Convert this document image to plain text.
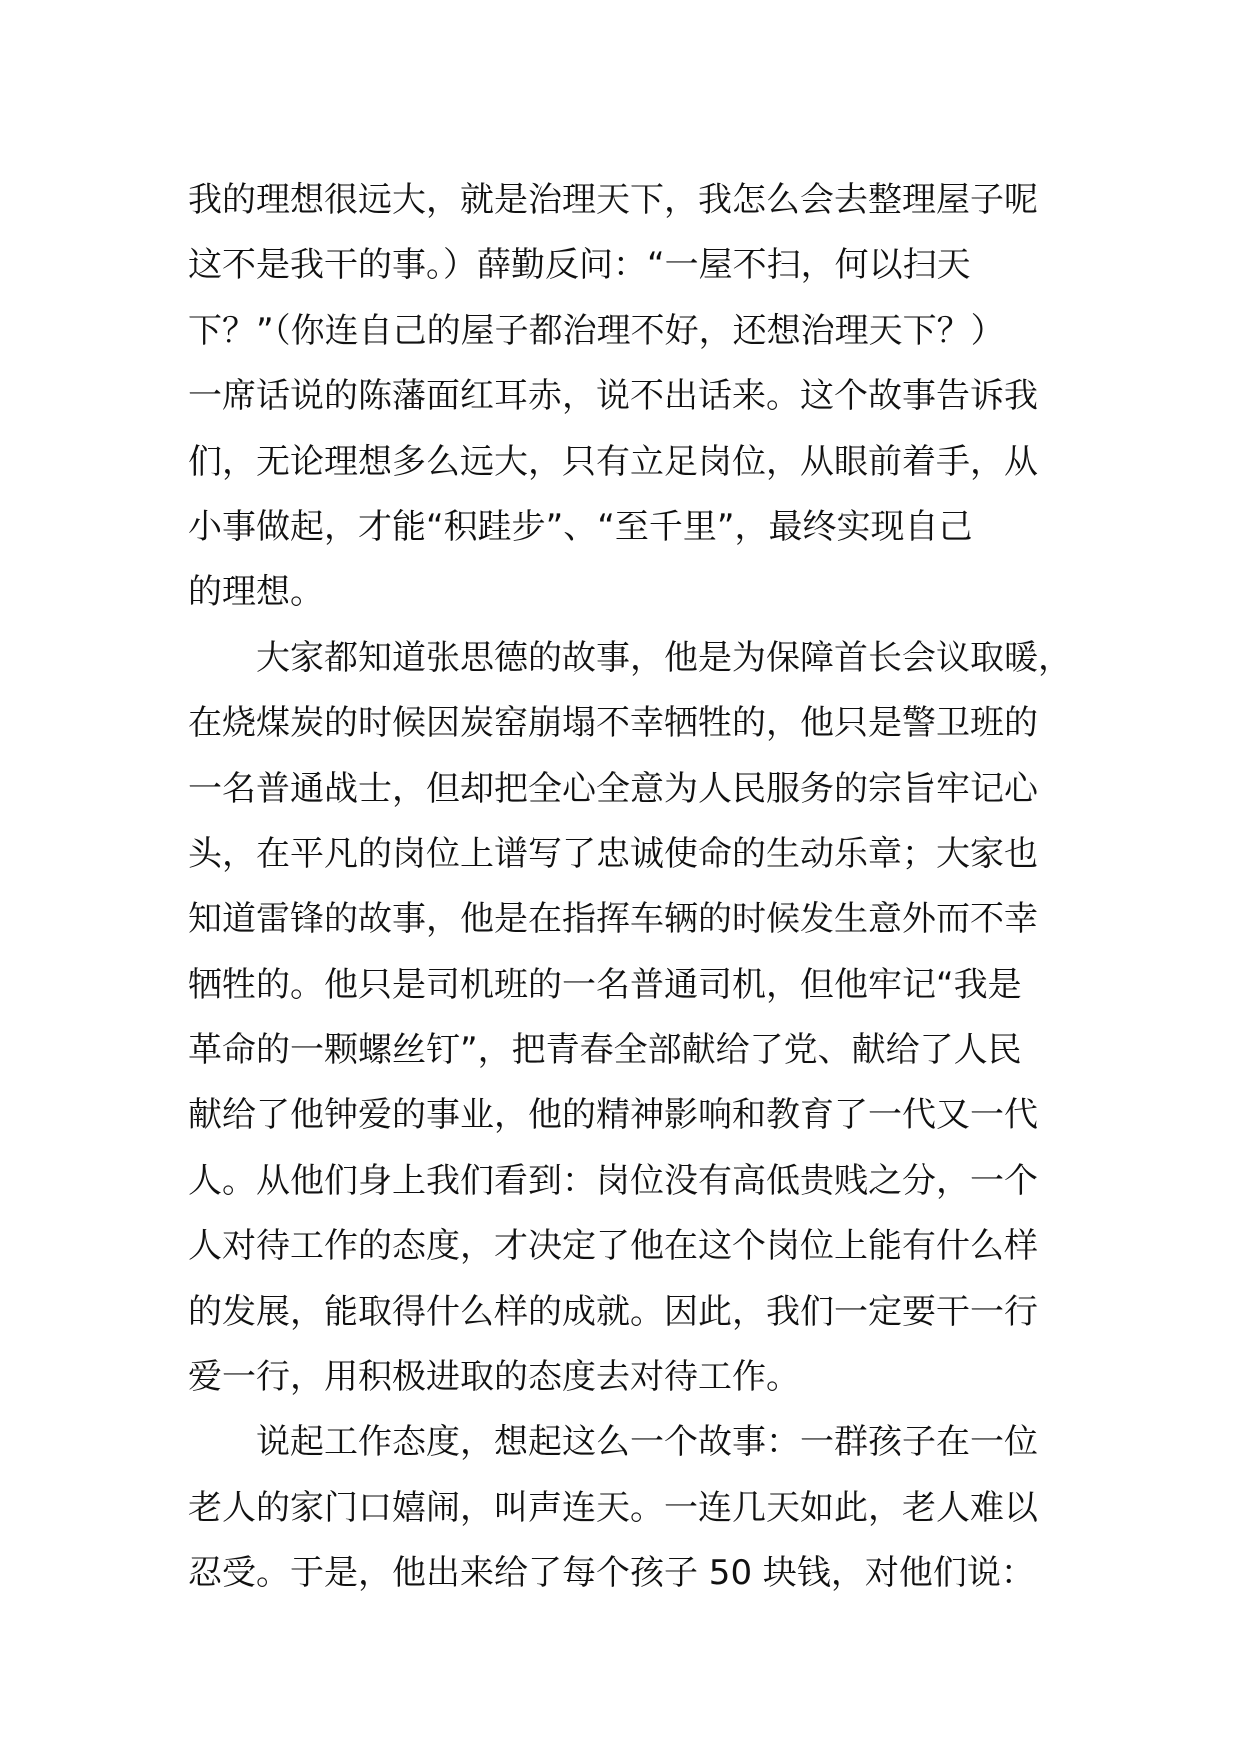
我的理想很远大，就是治理天下，我怎么会去整理屋子呢
这不是我干的事。）薛勤反问：“一屋不扫，何以扫天
下？”（你连自己的屋子都治理不好，还想治理天下？）
一席话说的陈藩面红耳赤，说不出话来。这个故事告诉我
们，无论理想多么远大，只有立足岗位，从眼前着手，从
小事做起，才能“积跬步”、“至千里”，最终实现自己
的理想。
　　大家都知道张思德的故事，他是为保障首长会议取暖，
在烧煤炭的时候因炭窑崩塌不幸牺牲的，他只是警卫班的
一名普通战士，但却把全心全意为人民服务的宗旨牢记心
头，在平凡的岗位上谱写了忠诚使命的生动乐章；大家也
知道雷锋的故事，他是在指挥车辆的时候发生意外而不幸
牺牲的。他只是司机班的一名普通司机，但他牢记“我是
革命的一颗螺丝钉”，把青春全部献给了党、献给了人民
献给了他钟爱的事业，他的精神影响和教育了一代又一代
人。从他们身上我们看到：岗位没有高低贵贱之分，一个
人对待工作的态度，才决定了他在这个岗位上能有什么样
的发展，能取得什么样的成就。因此，我们一定要干一行
爱一行，用积极进取的态度去对待工作。
　　说起工作态度，想起这么一个故事：一群孩子在一位
老人的家门口嬉闹，叫声连天。一连几天如此，老人难以
忍受。于是，他出来给了每个孩子 50 块钱，对他们说：
